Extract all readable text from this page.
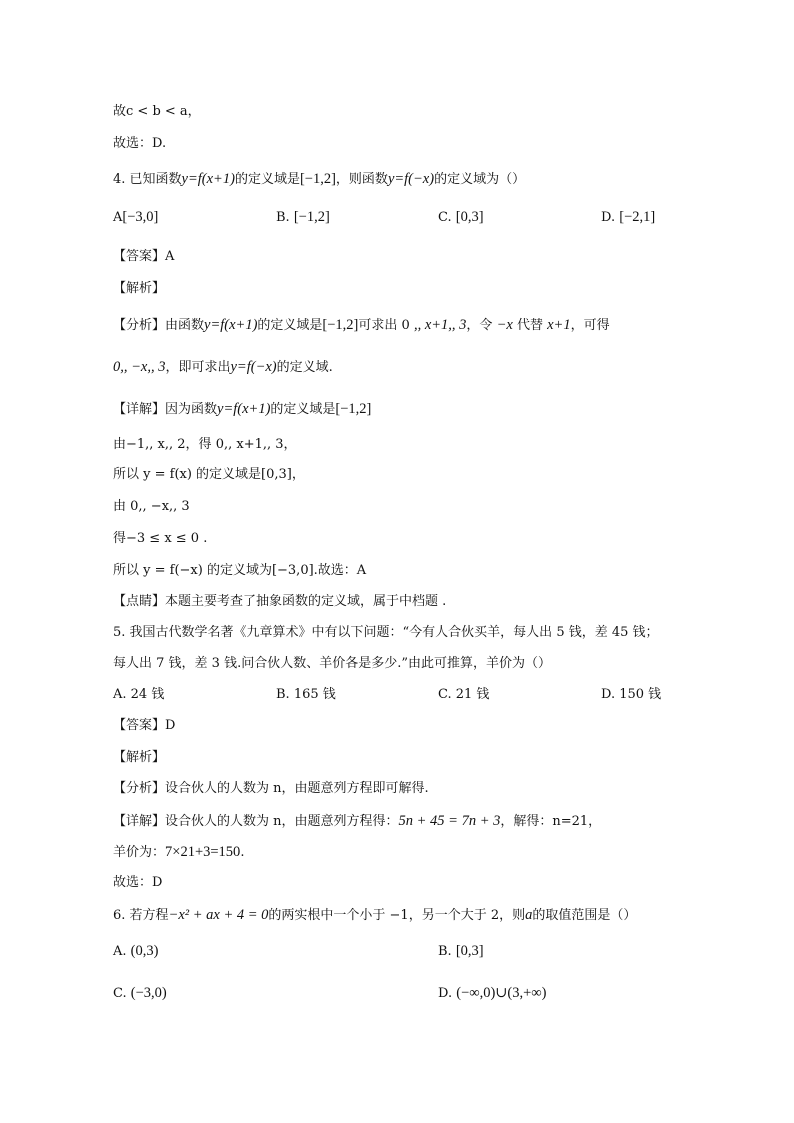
故c < b < a，
故选：D.
4. 已知函数y=f(x+1)的定义域是[−1,2]，则函数y=f(−x)的定义域为（）
A[−3,0]	B. [−1,2]	C. [0,3]	D. [−2,1]
【答案】A
【解析】
【分析】由函数y=f(x+1)的定义域是[−1,2]可求出 0 ,, x+1,, 3，令 −x 代替 x+1，可得
0,, −x,, 3，即可求出y=f(−x)的定义域.
【详解】因为函数y=f(x+1)的定义域是[−1,2]
由−1,, x,, 2，得 0,, x+1,, 3，
所以 y = f(x) 的定义域是[0,3]，
由 0,, −x,, 3
得−3 ≤ x ≤ 0 .
所以 y = f(−x) 的定义域为[−3,0].故选：A
【点睛】本题主要考查了抽象函数的定义域，属于中档题 .
5. 我国古代数学名著《九章算术》中有以下问题：“今有人合伙买羊，每人出 5 钱，差 45 钱；
每人出 7 钱，差 3 钱.问合伙人数、羊价各是多少.”由此可推算，羊价为（）
A. 24 钱	B. 165 钱	C. 21 钱	D. 150 钱
【答案】D
【解析】
【分析】设合伙人的人数为 n，由题意列方程即可解得.
【详解】设合伙人的人数为 n，由题意列方程得：5n + 45 = 7n + 3，解得：n=21，
羊价为：7×21+3=150.
故选：D
6. 若方程−x² + ax + 4 = 0的两实根中一个小于 −1，另一个大于 2，则a的取值范围是（）
A. (0,3)	B. [0,3]
C. (−3,0)	D. (−∞,0)∪(3,+∞)
